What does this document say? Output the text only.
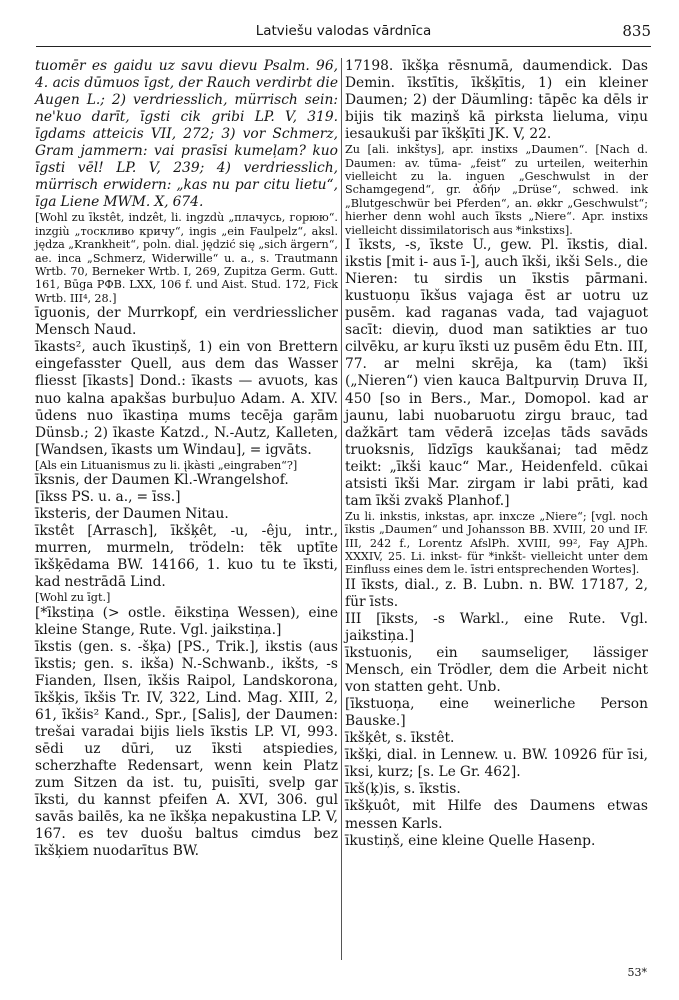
Latviešu valodas vārdnīca	835

tuomēr es gaidu uz savu dievu Psalm. 96, 4. acis dūmuos īgst, der Rauch verdirbt die Augen L.; 2) verdriesslich, mürrisch sein: ne'kuo darīt, īgsti cik gribi LP. V, 319. īgdams atteicis VII, 272; 3) vor Schmerz, Gram jammern: vai prasīsi kumeļam? kuo īgsti vēl! LP. V, 239; 4) verdriesslich, mürrisch erwidern: „kas nu par citu lietu“, īga Liene MWM. X, 674.

[Wohl zu īkstêt, indzêt, li. ingzdù „плачусь, горюю“. inzgiù „тоскливо кричу“, ingis „ein Faulpelz“, aksl. jędza „Krankheit“, poln. dial. jędzić się „sich ärgern“, ae. inca „Schmerz, Widerwille“ u. a., s. Trautmann Wrtb. 70, Berneker Wrtb. I, 269, Zupitza Germ. Gutt. 161, Būga РФВ. LXX, 106 f. und Aist. Stud. 172, Fick Wrtb. III⁴, 28.]

īguonis, der Murrkopf, ein verdriesslicher Mensch Naud.

īkasts², auch īkustiņš, 1) ein von Brettern eingefasster Quell, aus dem das Wasser fliesst [īkasts] Dond.: īkasts — avuots, kas nuo kalna apakšas burbuļuo Adam. A. XIV. ūdens nuo īkastiņa mums tecēja gaŗām Dünsb.; 2) īkaste Katzd., N.-Autz, Kalleten, [Wandsen, īkasts um Windau], = igvāts.

[Als ein Lituanismus zu li. įkàsti „eingraben“?]

īksnis, der Daumen Kl.-Wrangelshof.

[īkss PS. u. a., = īss.]

īksteris, der Daumen Nitau.

īkstêt [Arrasch], īkšķêt, -u, -êju, intr., murren, murmeln, trödeln: tēk uptīte īkšķēdama BW. 14166, 1. kuo tu te īksti, kad nestrādā Lind.

[Wohl zu īgt.]

[*īkstiņa (> ostle. ēikstiņa Wessen), eine kleine Stange, Rute. Vgl. jaikstiņa.]

īkstis (gen. s. -šķa) [PS., Trik.], ikstis (aus īkstis; gen. s. ikša) N.-Schwanb., ikšts, -s Fianden, Ilsen, īkšis Raipol, Landskorona, īkšķis, īkšis Tr. IV, 322, Lind. Mag. XIII, 2, 61, īkšis² Kand., Spr., [Salis], der Daumen: trešai varadai bijis liels īkstis LP. VI, 993. sēdi uz dūri, uz īksti atspiedies, scherzhafte Redensart, wenn kein Platz zum Sitzen da ist. tu, puisīti, svelp gar īksti, du kannst pfeifen A. XVI, 306. gul savās bailēs, ka ne īkšķa nepakustina LP. V, 167. es tev duošu baltus cimdus bez īkšķiem nuodarītus BW.

17198. īkšķa rēsnumā, daumendick. Das Demin. īkstītis, īkšķītis, 1) ein kleiner Daumen; 2) der Däumling: tāpēc ka dēls ir bijis tik maziņš kā pirksta lieluma, viņu iesaukuši par īkšķīti JK. V, 22.

Zu [ali. inkštys], apr. instixs „Daumen“. [Nach d. Daumen: av. tūma- „feist“ zu urteilen, weiterhin vielleicht zu la. inguen „Geschwulst in der Schamgegend“, gr. ἀδήν „Drüse“, schwed. ink „Blutgeschwür bei Pferden“, an. økkr „Geschwulst“; hierher denn wohl auch īksts „Niere“. Apr. instixs vielleicht dissimilatorisch aus *inkstixs].

I īksts, -s, īkste U., gew. Pl. īkstis, dial. ikstis [mit i- aus ī-], auch īkši, ikši Sels., die Nieren: tu sirdis un īkstis pārmani. kustuoņu īkšus vajaga ēst ar uotru uz pusēm. kad raganas vada, tad vajaguot sacīt: dieviņ, duod man satikties ar tuo cilvēku, ar kuŗu īksti uz pusēm ēdu Etn. III, 77. ar melni skrēja, ka (tam) īkši („Nieren“) vien kauca Baltpurviņ Druva II, 450 [so in Bers., Mar., Domopol. kad ar jaunu, labi nuobaruotu zirgu brauc, tad dažkārt tam vēderā izceļas tāds savāds truoksnis, līdzīgs kaukšanai; tad mēdz teikt: „īkši kauc“ Mar., Heidenfeld. cūkai atsisti īkši Mar. zirgam ir labi prāti, kad tam īkši zvakš Planhof.]

Zu li. inkstis, inkstas, apr. inxcze „Niere“; [vgl. noch īkstis „Daumen“ und Johansson BB. XVIII, 20 und IF. III, 242 f., Lorentz AfslPh. XVIII, 99², Fay AJPh. XXXIV, 25. Li. inkst- für *inkšt- vielleicht unter dem Einfluss eines dem le. īstri entsprechenden Wortes].

II īksts, dial., z. B. Lubn. n. BW. 17187, 2, für īsts.

III [īksts, -s Warkl., eine Rute. Vgl. jaikstiņa.]

īkstuonis, ein saumseliger, lässiger Mensch, ein Trödler, dem die Arbeit nicht von statten geht. Unb.

[īkstuoņa, eine weinerliche Person Bauske.]

īkšķêt, s. īkstêt.

īkšķi, dial. in Lennew. u. BW. 10926 für īsi, īksi, kurz; [s. Le Gr. 462].

īkš(ķ)is, s. īkstis.

īkšķuôt, mit Hilfe des Daumens etwas messen Karls.

īkustiņš, eine kleine Quelle Hasenp.

53*
